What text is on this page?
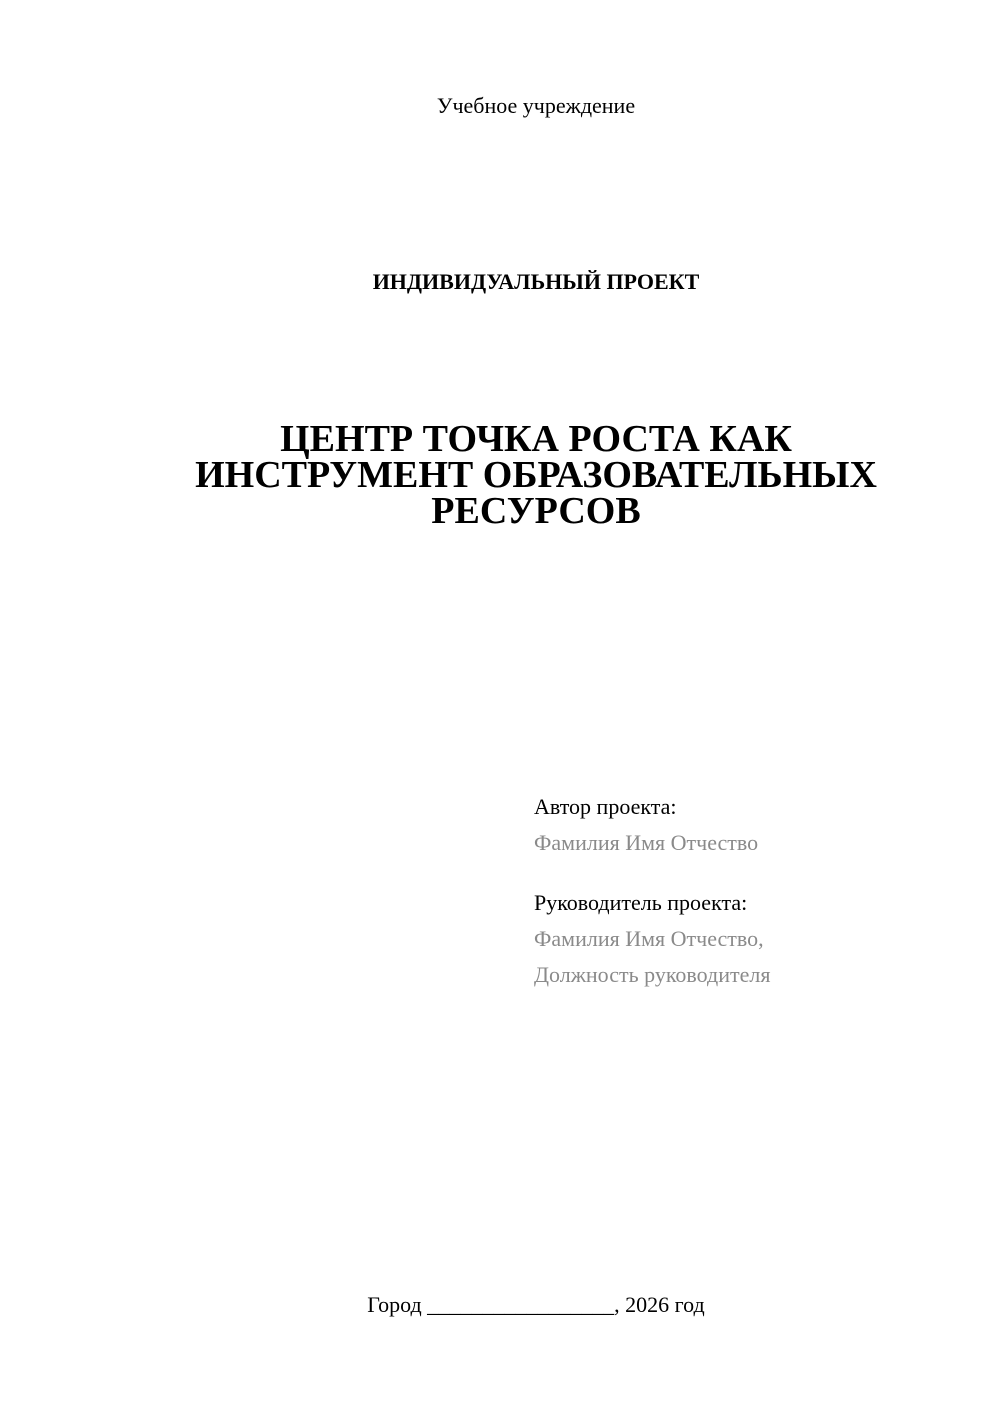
Учебное учреждение
ИНДИВИДУАЛЬНЫЙ ПРОЕКТ
ЦЕНТР ТОЧКА РОСТА КАК
ИНСТРУМЕНТ ОБРАЗОВАТЕЛЬНЫХ
РЕСУРСОВ
Автор проекта:
Фамилия Имя Отчество
Руководитель проекта:
Фамилия Имя Отчество,
Должность руководителя
Город _________________, 2026 год
